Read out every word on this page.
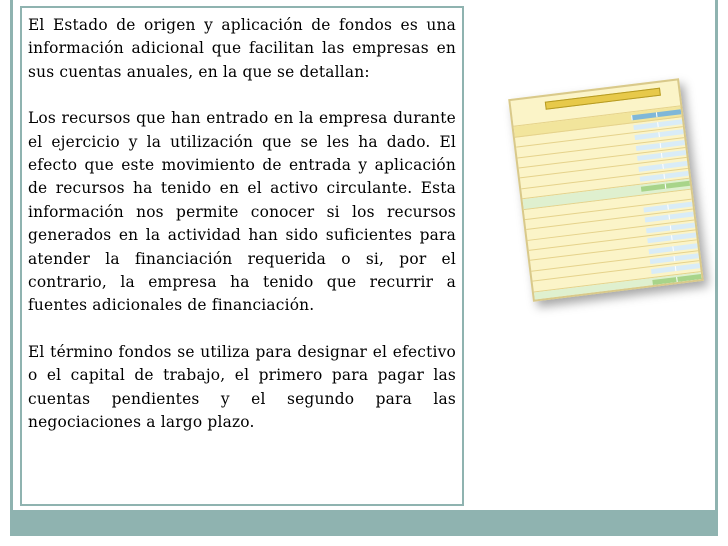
El Estado de origen y aplicación de fondos es una información adicional que facilitan las empresas en sus cuentas anuales, en la que se detallan:

Los recursos que han entrado en la empresa durante el ejercicio y la utilización que se les ha dado. El efecto que este movimiento de entrada y aplicación de recursos ha tenido en el activo circulante. Esta información nos permite conocer si los recursos generados en la actividad han sido suficientes para atender la financiación requerida o si, por el contrario, la empresa ha tenido que recurrir a fuentes adicionales de financiación.

El término fondos se utiliza para designar el efectivo o el capital de trabajo, el primero para pagar las cuentas pendientes y el segundo para las negociaciones a largo plazo.
